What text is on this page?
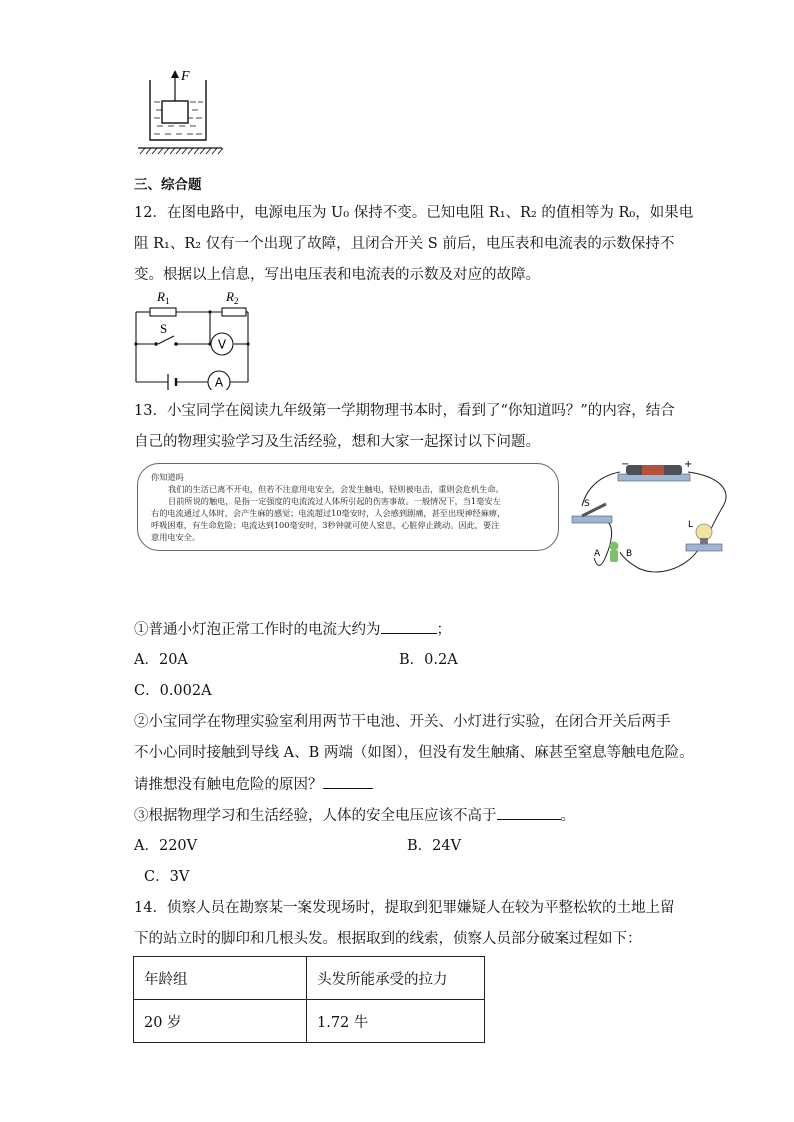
F
三、综合题
12．在图电路中，电源电压为 U₀ 保持不变。已知电阻 R₁、R₂ 的值相等为 R₀，如果电
阻 R₁、R₂ 仅有一个出现了故障，且闭合开关 S 前后，电压表和电流表的示数保持不
变。根据以上信息，写出电压表和电流表的示数及对应的故障。
V
A
$R_1$	$R_2$
S
13．小宝同学在阅读九年级第一学期物理书本时，看到了“你知道吗？”的内容，结合
自己的物理实验学习及生活经验，想和大家一起探讨以下问题。
你知道吗
我们的生活已离不开电，但若不注意用电安全，会发生触电，轻则被电击，重则会危机生命。
目前所说的触电，是指一定强度的电流流过人体所引起的伤害事故。一般情况下，当1毫安左
右的电流通过人体时，会产生麻的感觉；电流超过10毫安时，人会感到剧痛，甚至出现神经麻痹，
呼吸困难，有生命危险；电流达到100毫安时，3秒钟就可使人窒息，心脏停止跳动。因此，要注
意用电安全。
−	+
S
L
A	B
①普通小灯泡正常工作时的电流大约为	；
A．20A	B．0.2A
C．0.002A
②小宝同学在物理实验室利用两节干电池、开关、小灯进行实验，在闭合开关后两手
不小心同时接触到导线 A、B 两端（如图），但没有发生触痛、麻甚至窒息等触电危险。
请推想没有触电危险的原因？
③根据物理学习和生活经验，人体的安全电压应该不高于	。
A．220V	B．24V
C．3V
14．侦察人员在勘察某一案发现场时，提取到犯罪嫌疑人在较为平整松软的土地上留
下的站立时的脚印和几根头发。根据取到的线索，侦察人员部分破案过程如下：
年龄组	头发所能承受的拉力
20 岁	1.72 牛
